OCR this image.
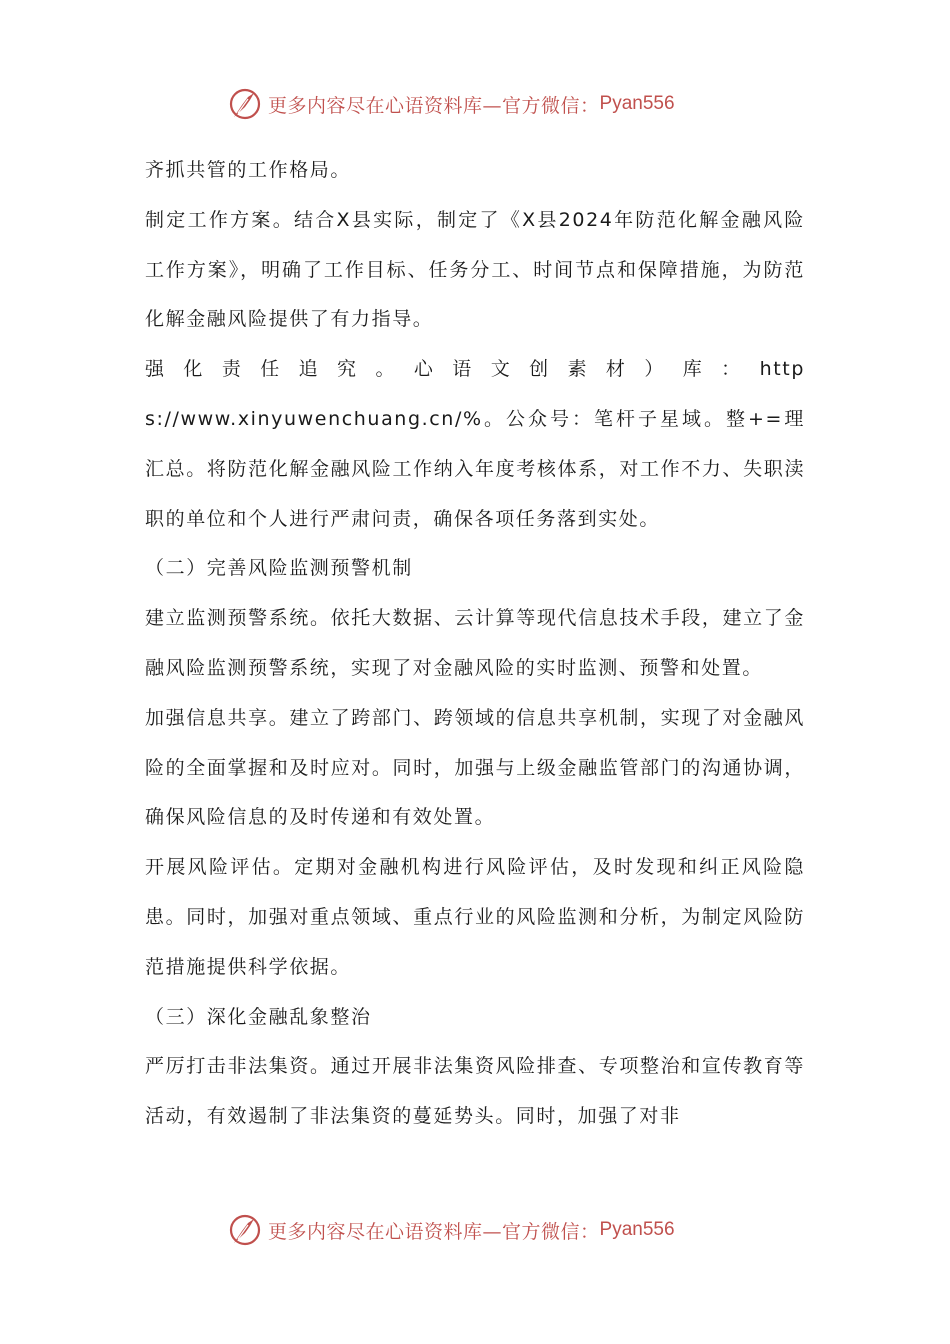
更多内容尽在心语资料库—官方微信： Pyan556

齐抓共管的工作格局。

制定工作方案。结合X县实际，制定了《X县2024年防范化解金融风险工作方案》，明确了工作目标、任务分工、时间节点和保障措施，为防范化解金融风险提供了有力指导。

强化责任追究。心语文创素材）库：https://www.xinyuwenchuang.cn/%。公众号：笔杆子星域。整+=理汇总。将防范化解金融风险工作纳入年度考核体系，对工作不力、失职渎职的单位和个人进行严肃问责，确保各项任务落到实处。

（二）完善风险监测预警机制

建立监测预警系统。依托大数据、云计算等现代信息技术手段，建立了金融风险监测预警系统，实现了对金融风险的实时监测、预警和处置。

加强信息共享。建立了跨部门、跨领域的信息共享机制，实现了对金融风险的全面掌握和及时应对。同时，加强与上级金融监管部门的沟通协调，确保风险信息的及时传递和有效处置。

开展风险评估。定期对金融机构进行风险评估，及时发现和纠正风险隐患。同时，加强对重点领域、重点行业的风险监测和分析，为制定风险防范措施提供科学依据。

（三）深化金融乱象整治

严厉打击非法集资。通过开展非法集资风险排查、专项整治和宣传教育等活动，有效遏制了非法集资的蔓延势头。同时，加强了对非

更多内容尽在心语资料库—官方微信： Pyan556
